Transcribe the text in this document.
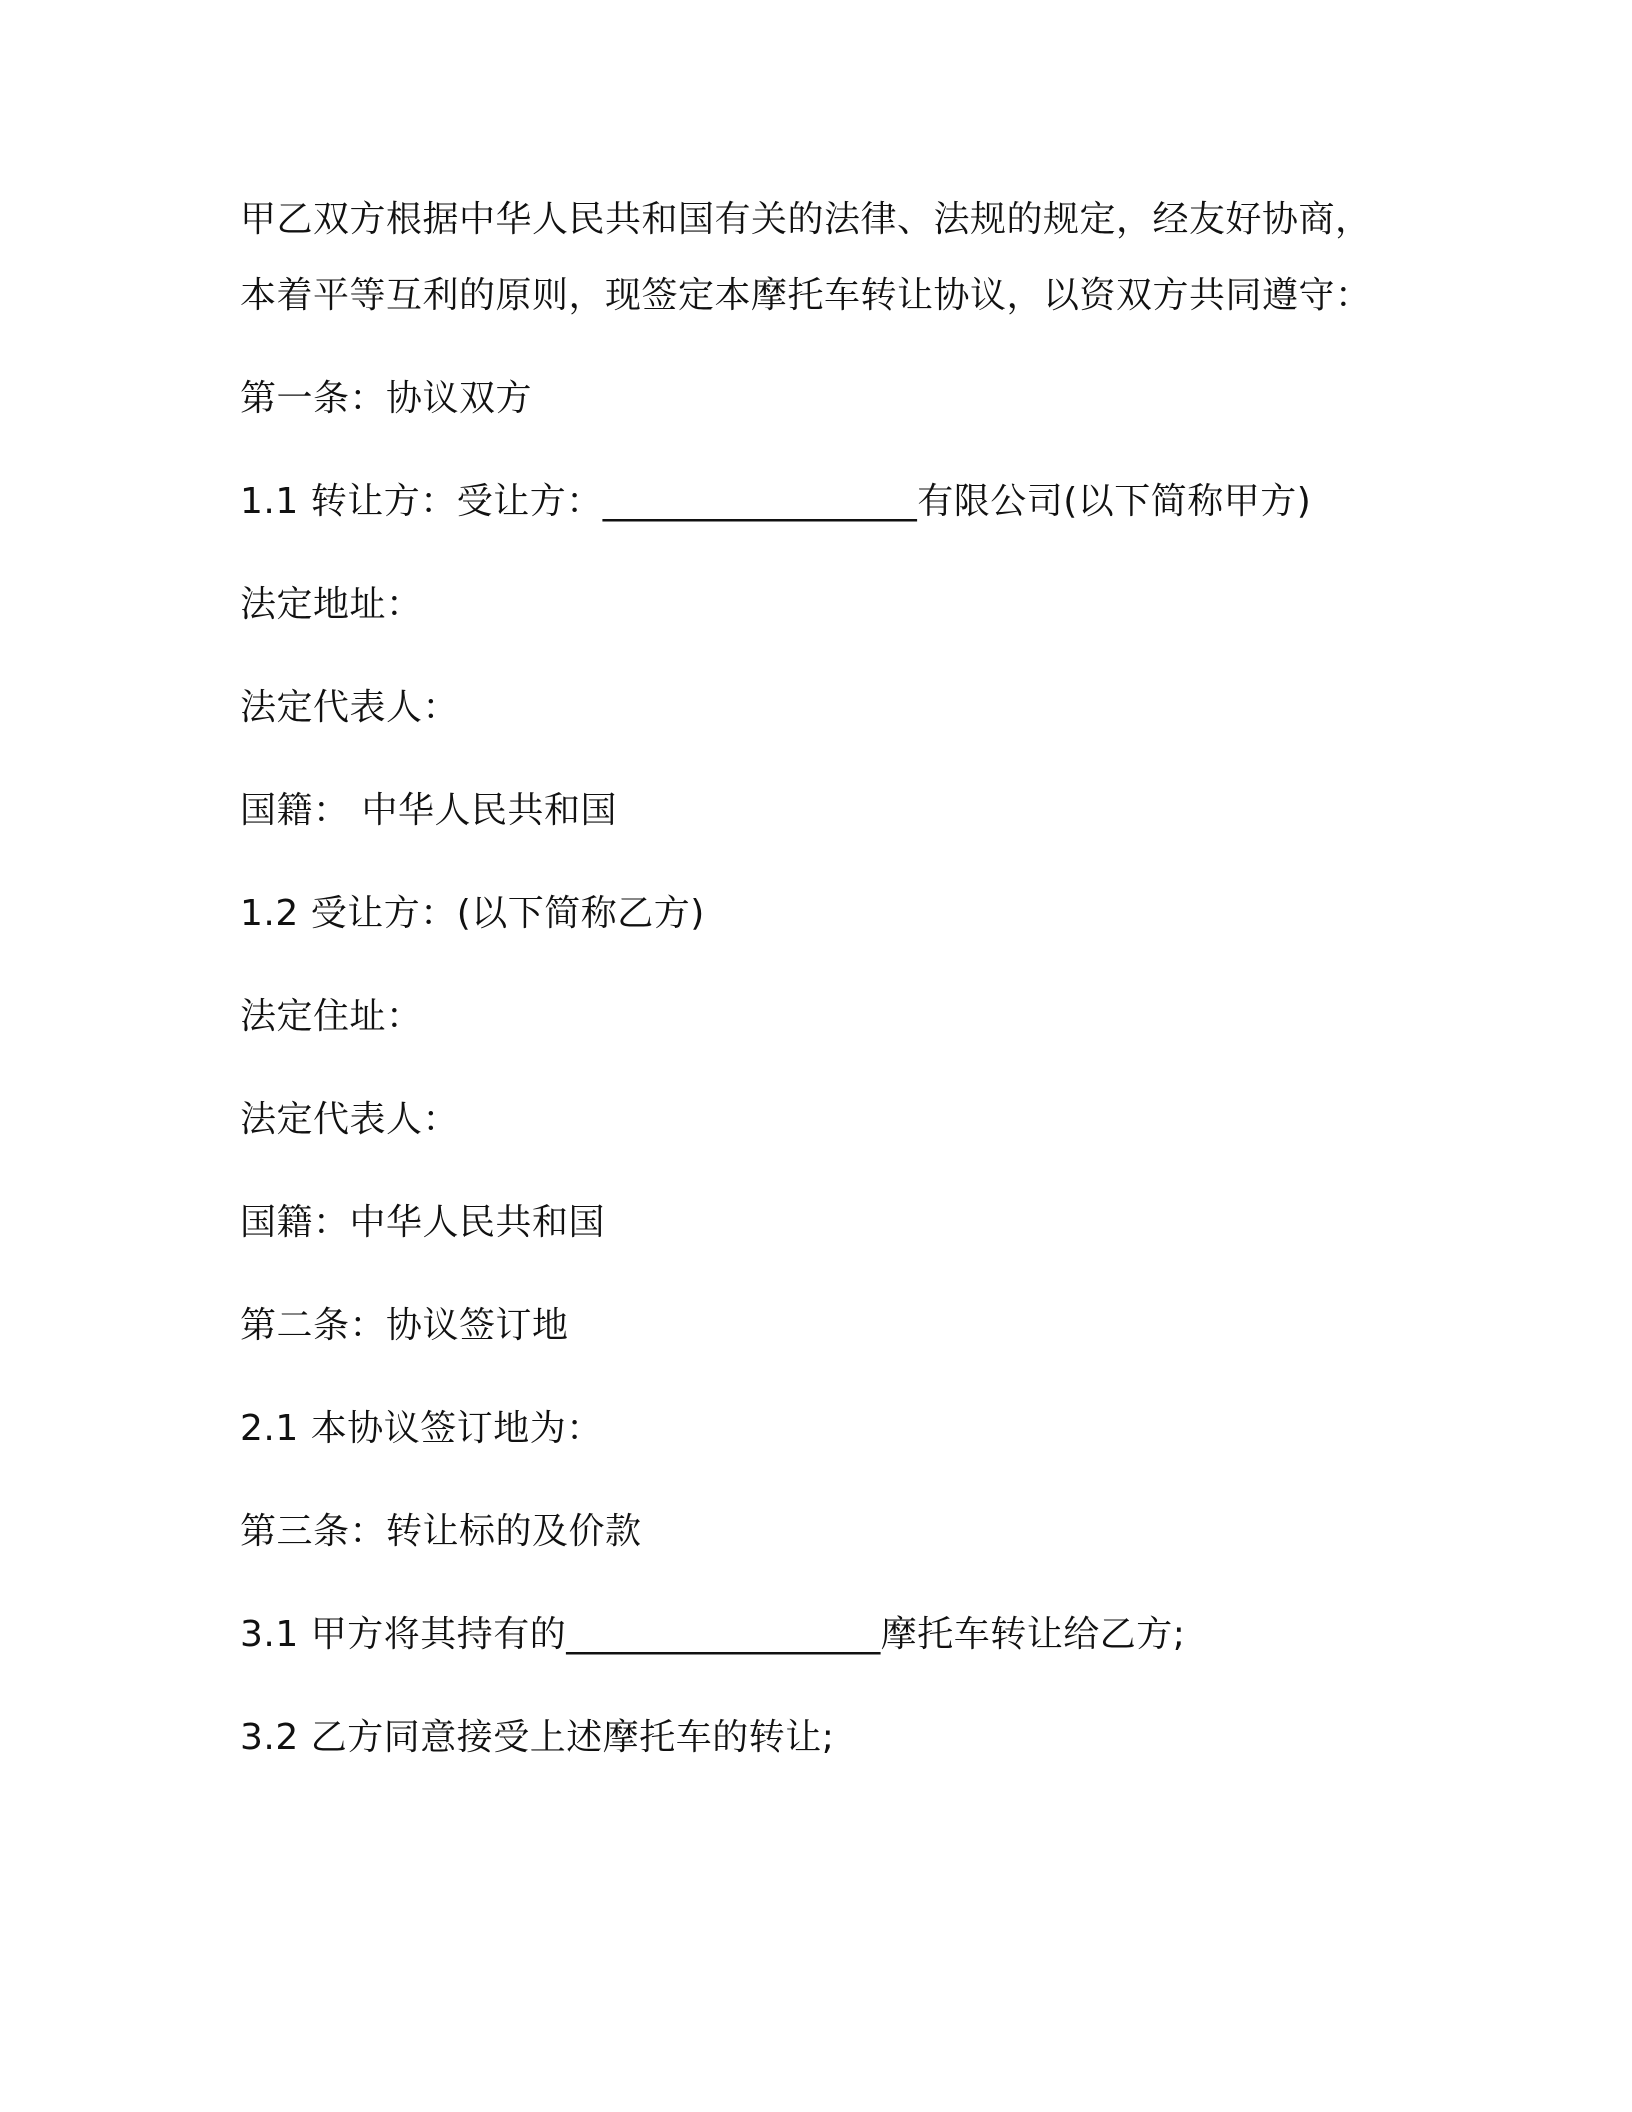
甲乙双方根据中华人民共和国有关的法律、法规的规定，经友好协商，
本着平等互利的原则，现签定本摩托车转让协议，以资双方共同遵守：
第一条：协议双方
1.1 转让方：受让方：_________________有限公司(以下简称甲方)
法定地址：
法定代表人：
国籍： 中华人民共和国
1.2 受让方：(以下简称乙方)
法定住址：
法定代表人：
国籍：中华人民共和国
第二条：协议签订地
2.1 本协议签订地为：
第三条：转让标的及价款
3.1 甲方将其持有的_________________摩托车转让给乙方;
3.2 乙方同意接受上述摩托车的转让;
